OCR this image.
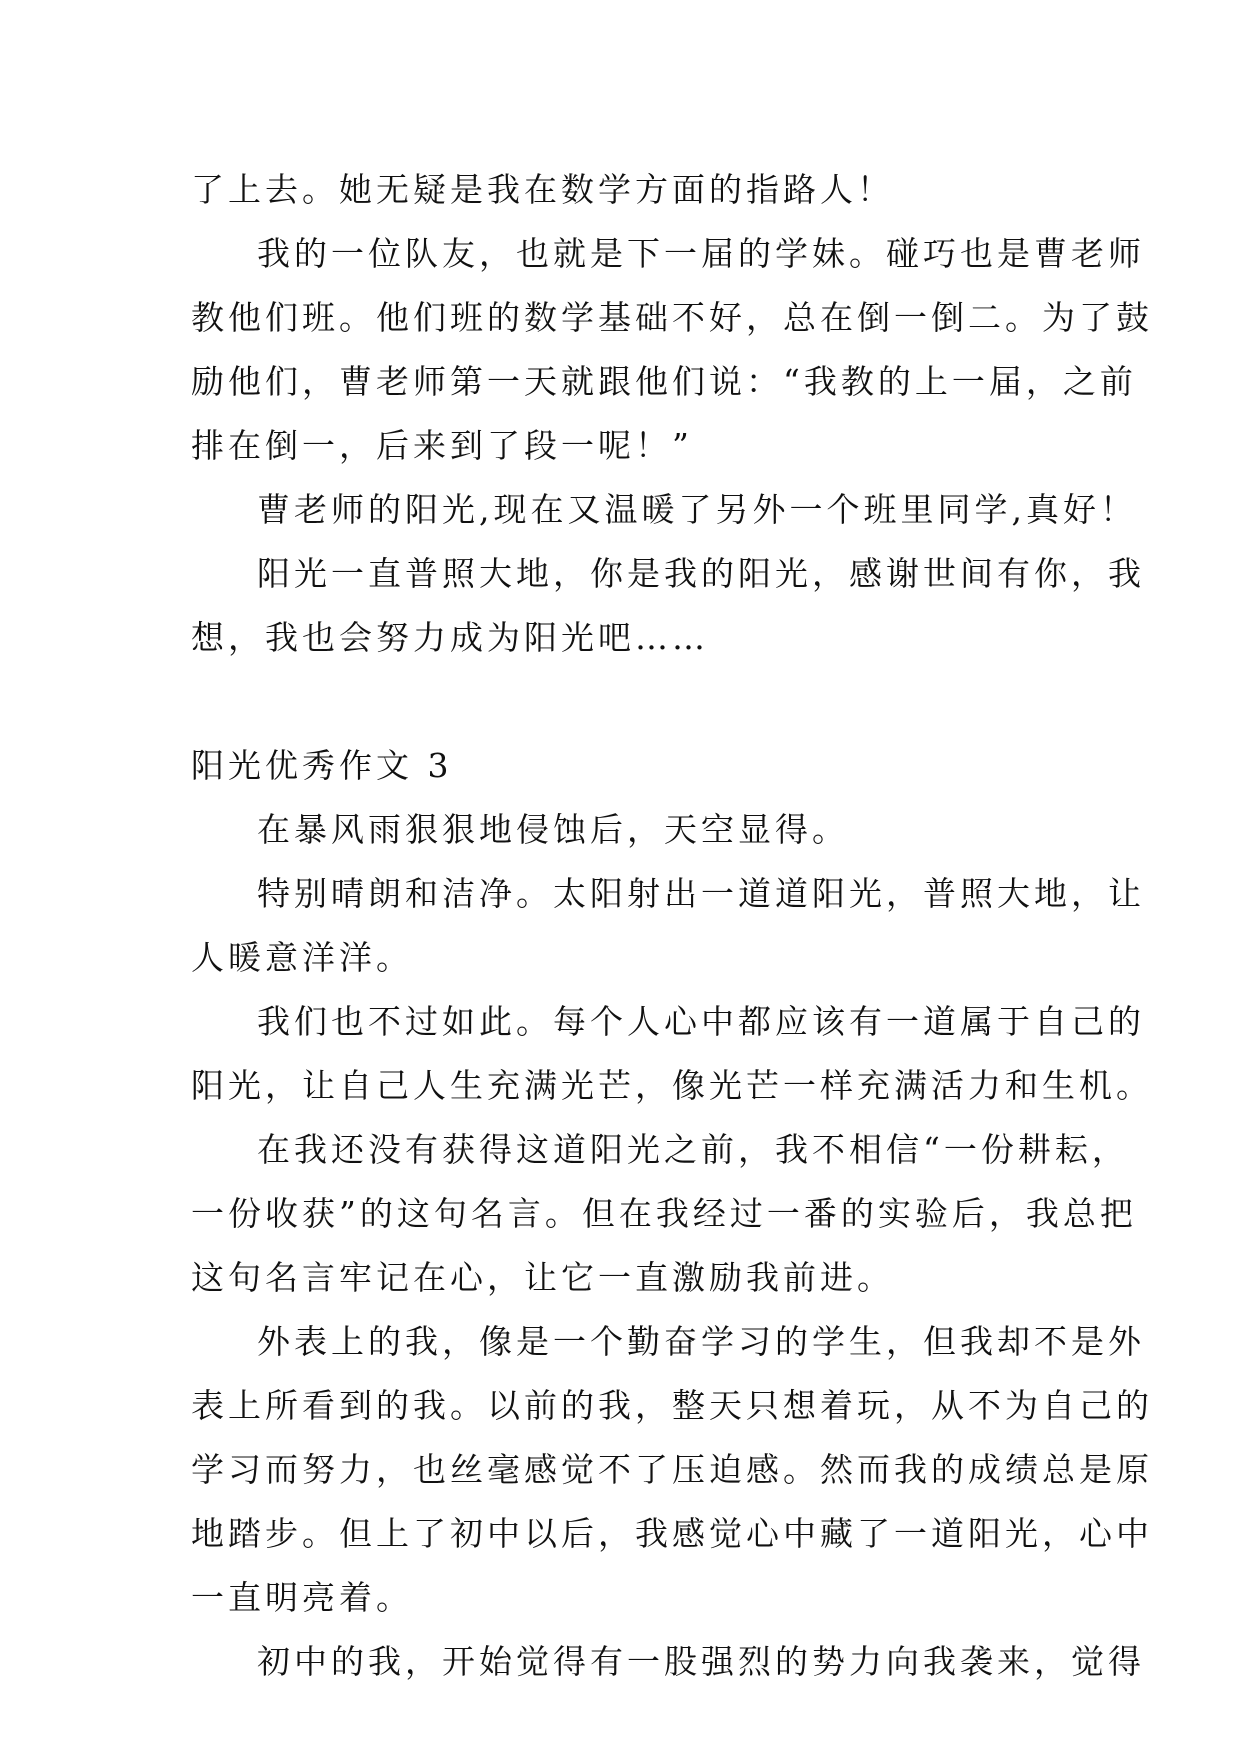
了上去。她无疑是我在数学方面的指路人！
我的一位队友，也就是下一届的学妹。碰巧也是曹老师
教他们班。他们班的数学基础不好，总在倒一倒二。为了鼓
励他们，曹老师第一天就跟他们说：“我教的上一届，之前
排在倒一，后来到了段一呢！”
曹老师的阳光,现在又温暖了另外一个班里同学,真好！
阳光一直普照大地，你是我的阳光，感谢世间有你，我
想，我也会努力成为阳光吧……
阳光优秀作文 3
在暴风雨狠狠地侵蚀后，天空显得。
特别晴朗和洁净。太阳射出一道道阳光，普照大地，让
人暖意洋洋。
我们也不过如此。每个人心中都应该有一道属于自己的
阳光，让自己人生充满光芒，像光芒一样充满活力和生机。
在我还没有获得这道阳光之前，我不相信“一份耕耘，
一份收获”的这句名言。但在我经过一番的实验后，我总把
这句名言牢记在心，让它一直激励我前进。
外表上的我，像是一个勤奋学习的学生，但我却不是外
表上所看到的我。以前的我，整天只想着玩，从不为自己的
学习而努力，也丝毫感觉不了压迫感。然而我的成绩总是原
地踏步。但上了初中以后，我感觉心中藏了一道阳光，心中
一直明亮着。
初中的我，开始觉得有一股强烈的势力向我袭来，觉得
